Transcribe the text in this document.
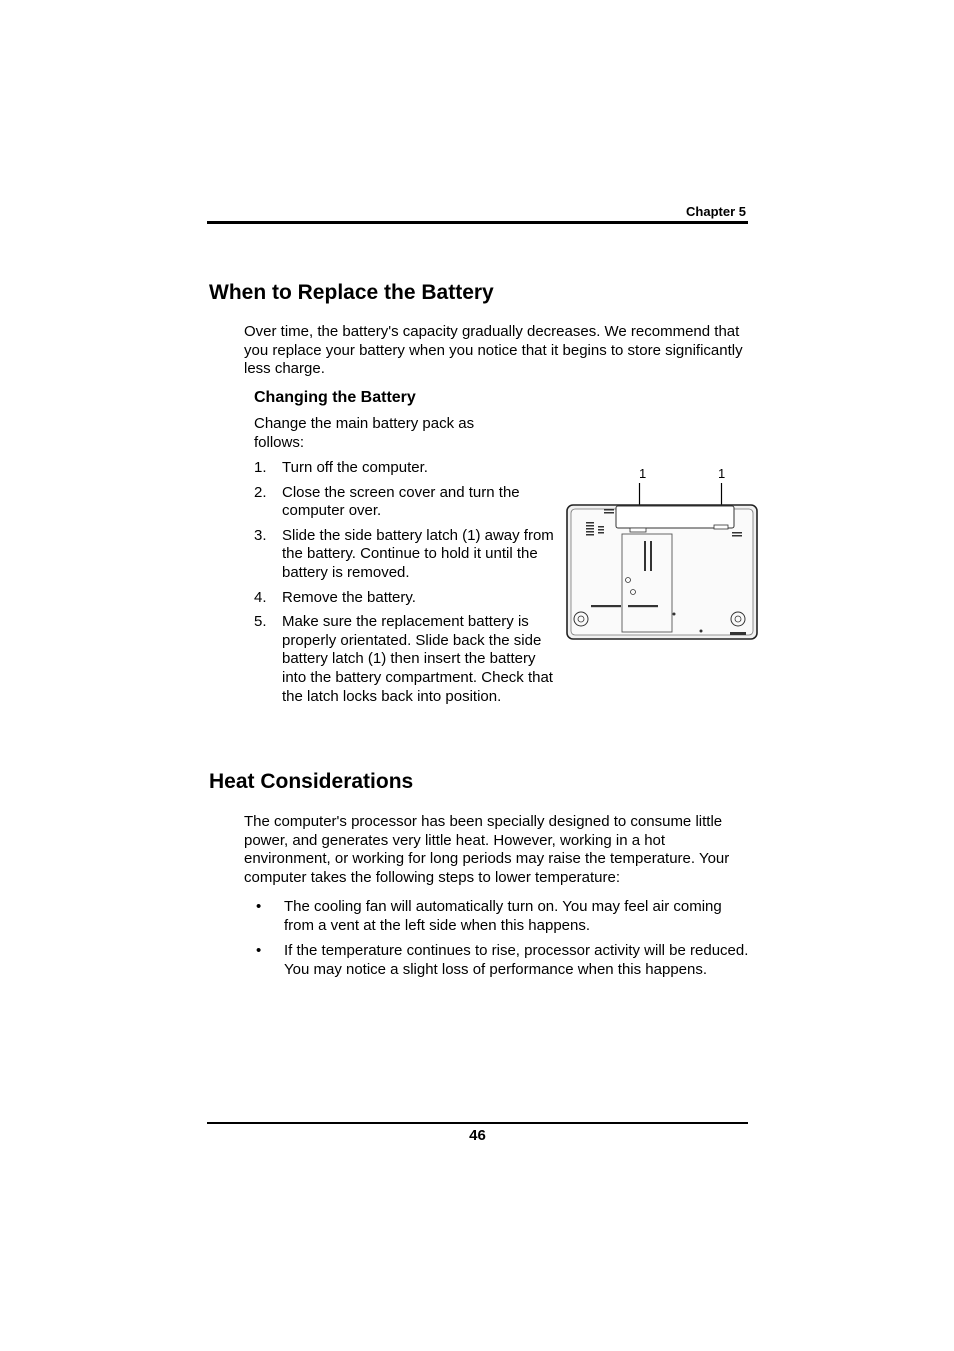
Chapter 5
When to Replace the Battery
Over time, the battery's capacity gradually decreases. We recommend that you replace your battery when you notice that it begins to store significantly less charge.
Changing the Battery
Change the main battery pack as follows:
1. Turn off the computer.
2. Close the screen cover and turn the computer over.
3. Slide the side battery latch (1) away from the battery. Continue to hold it until the battery is removed.
4. Remove the battery.
5. Make sure the replacement battery is properly orientated. Slide back the side battery latch (1) then insert the battery into the battery compartment. Check that the latch locks back into position.
1	1
Heat Considerations
The computer's processor has been specially designed to consume little power, and generates very little heat. However, working in a hot environment, or working for long periods may raise the temperature. Your computer takes the following steps to lower temperature:
• The cooling fan will automatically turn on. You may feel air coming from a vent at the left side when this happens.
• If the temperature continues to rise, processor activity will be reduced. You may notice a slight loss of performance when this happens.
46
